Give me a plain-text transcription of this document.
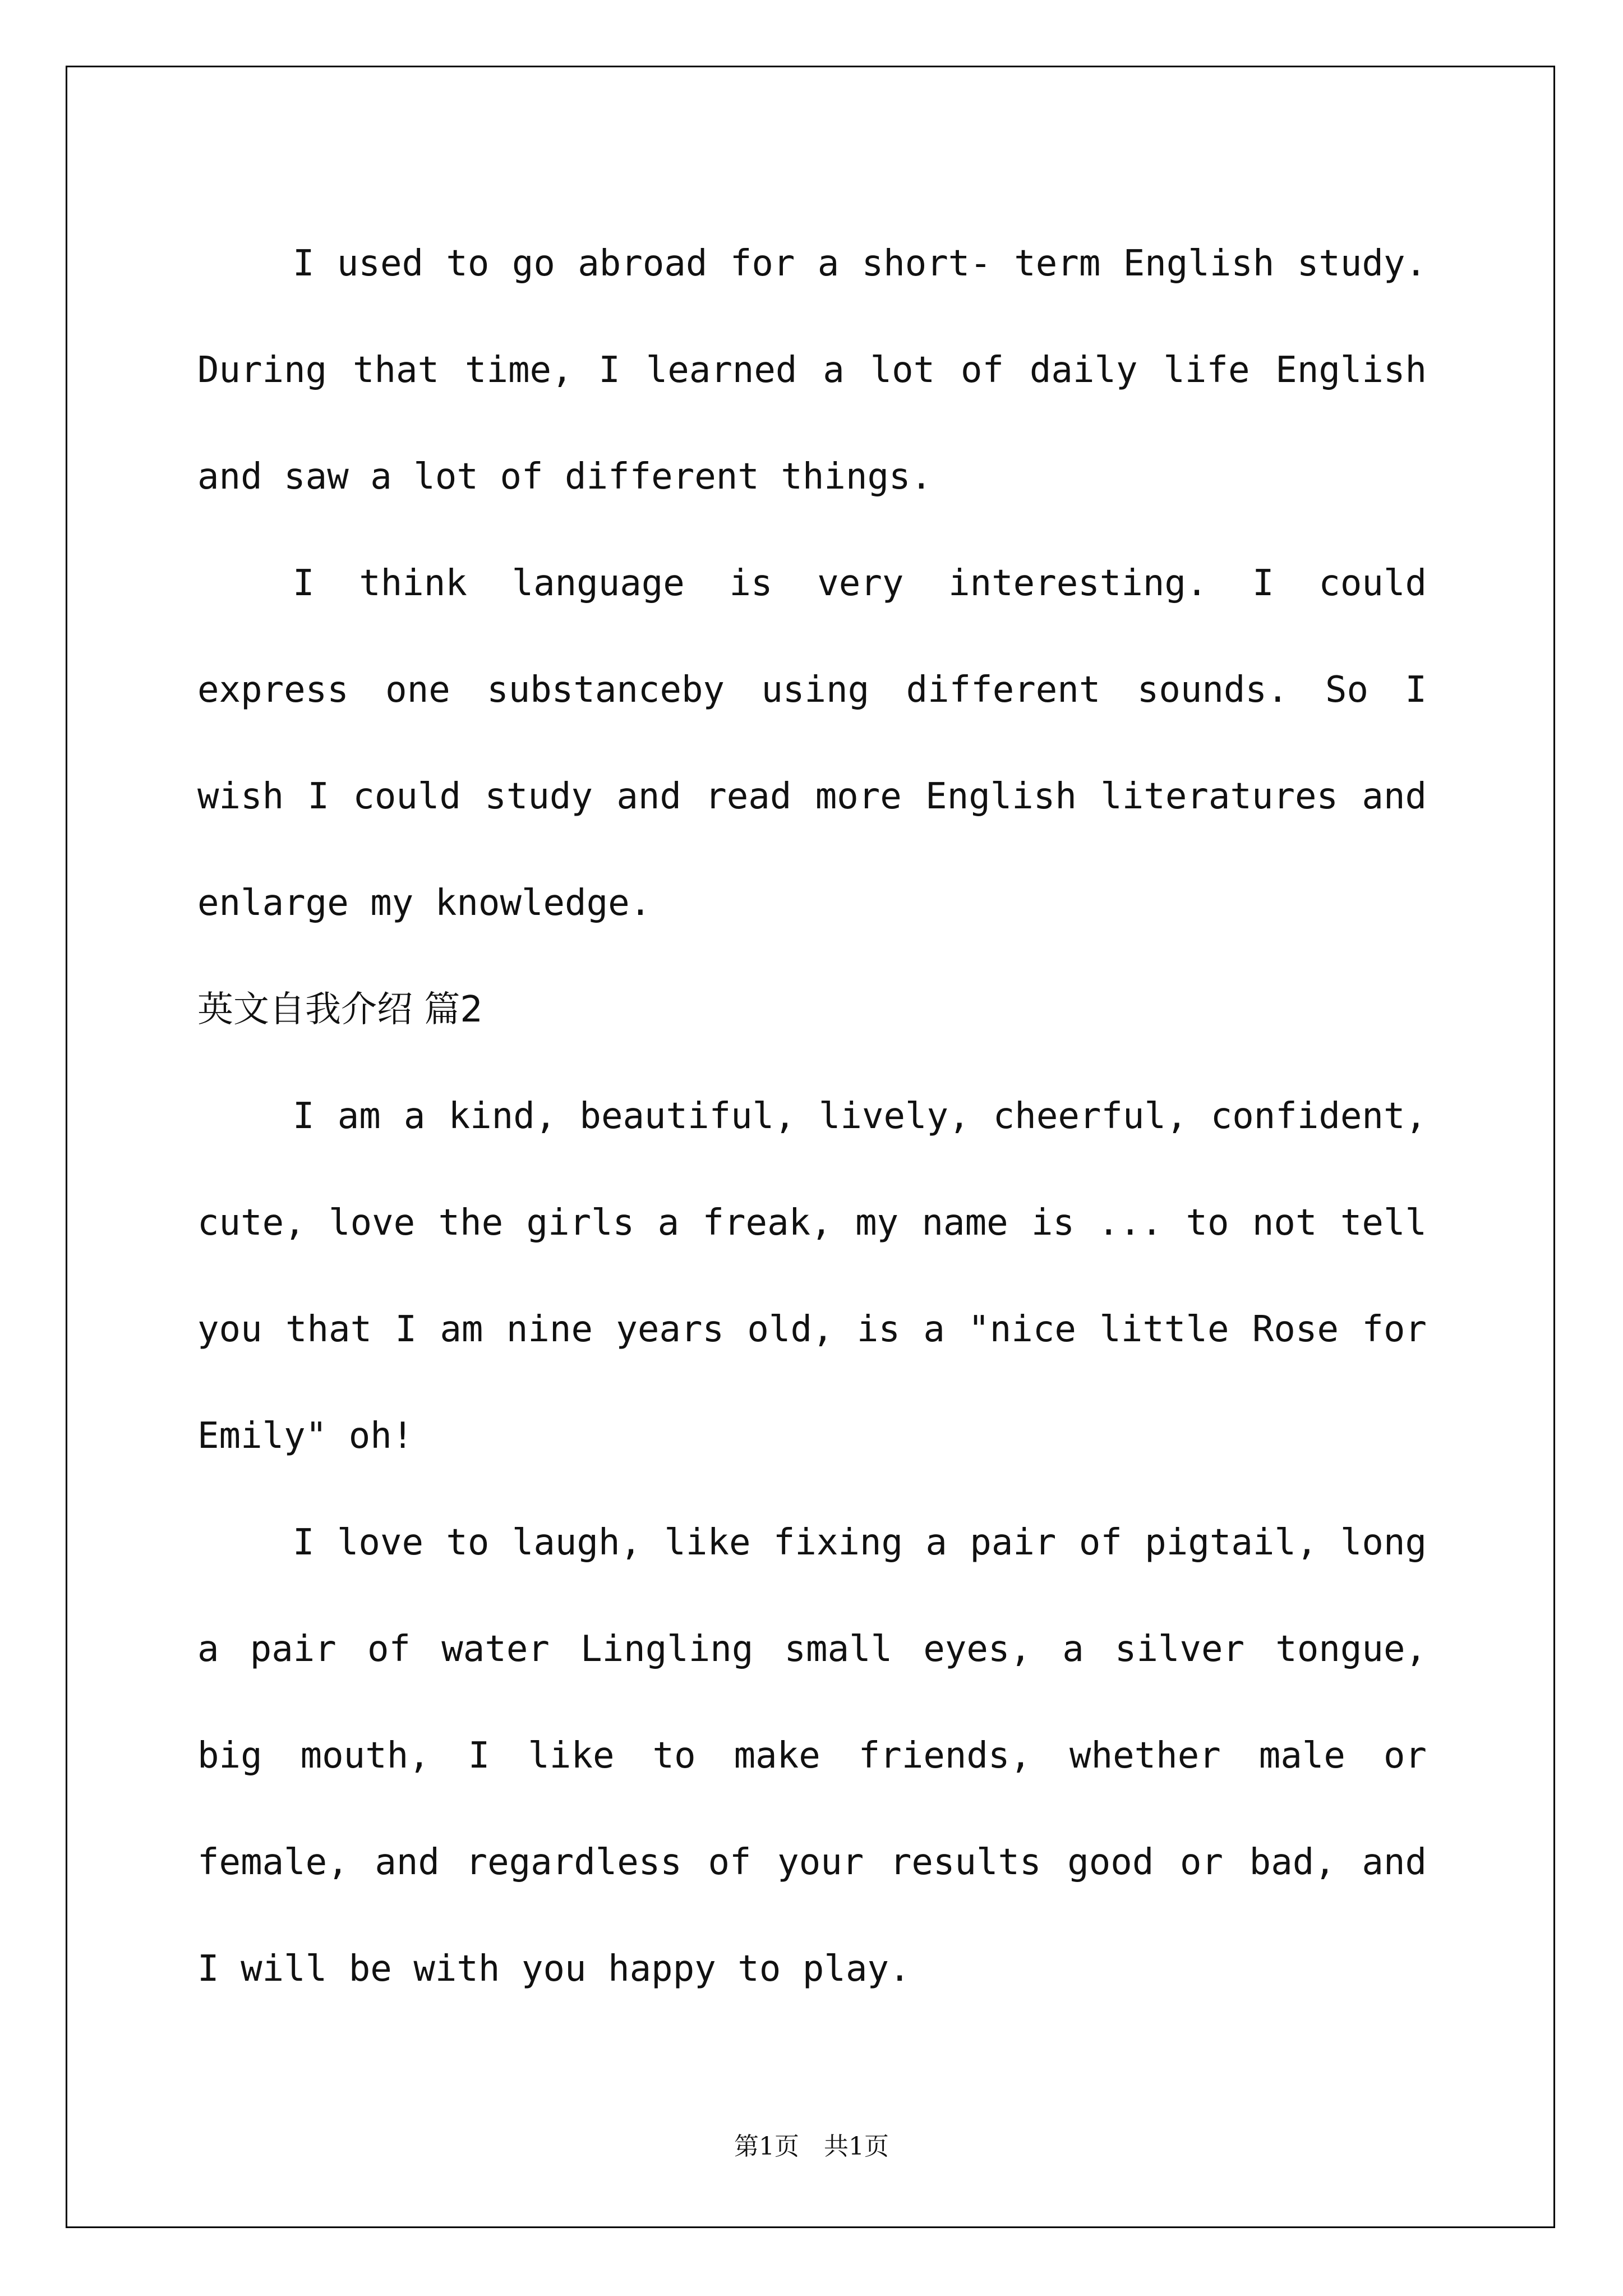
I used to go abroad for a short- term English study. During that time, I learned a lot of daily life English and saw a lot of different things.

I think language is very interesting. I could express one substanceby using different sounds. So I wish I could study and read more English literatures and enlarge my knowledge.

英文自我介绍 篇2

I am a kind, beautiful, lively, cheerful, confident, cute, love the girls a freak, my name is ... to not tell you that I am nine years old, is a "nice little Rose for Emily" oh!

I love to laugh, like fixing a pair of pigtail, long a pair of water Lingling small eyes, a silver tongue, big mouth, I like to make friends, whether male or female, and regardless of your results good or bad, and I will be with you happy to play.

第1页　共1页
